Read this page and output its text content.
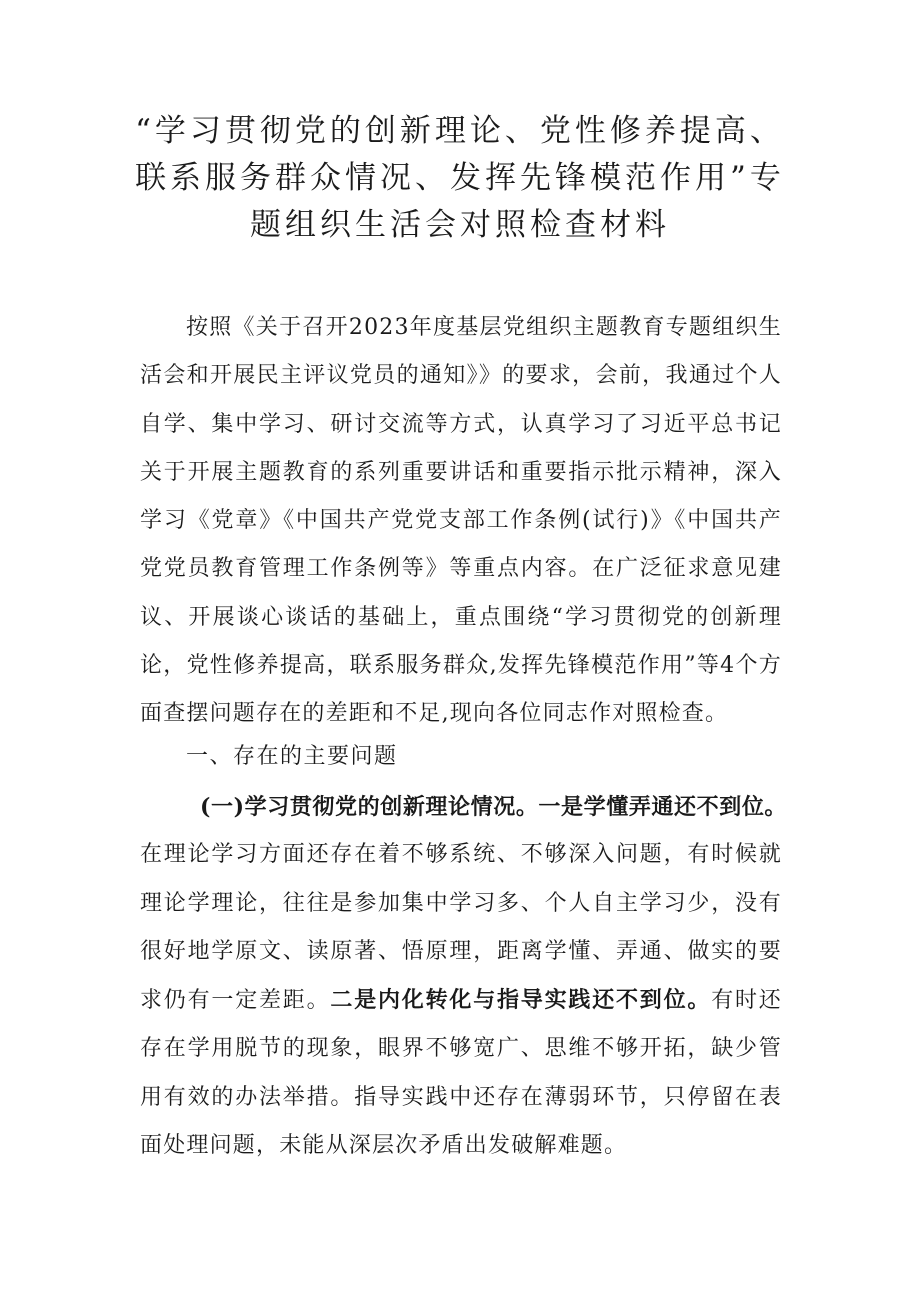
“学习贯彻党的创新理论、党性修养提高、
联系服务群众情况、发挥先锋模范作用”专
题组织生活会对照检查材料

按照《关于召开2023年度基层党组织主题教育专题组织生活会和开展民主评议党员的通知》》的要求，会前，我通过个人自学、集中学习、研讨交流等方式，认真学习了习近平总书记关于开展主题教育的系列重要讲话和重要指示批示精神，深入学习《党章》《中国共产党党支部工作条例(试行)》《中国共产党党员教育管理工作条例等》等重点内容。在广泛征求意见建议、开展谈心谈话的基础上，重点围绕“学习贯彻党的创新理论，党性修养提高，联系服务群众,发挥先锋模范作用”等4个方面查摆问题存在的差距和不足,现向各位同志作对照检查。

一、存在的主要问题
(一)学习贯彻党的创新理论情况。一是学懂弄通还不到位。
在理论学习方面还存在着不够系统、不够深入问题，有时候就理论学理论，往往是参加集中学习多、个人自主学习少，没有很好地学原文、读原著、悟原理，距离学懂、弄通、做实的要求仍有一定差距。二是内化转化与指导实践还不到位。有时还存在学用脱节的现象，眼界不够宽广、思维不够开拓，缺少管用有效的办法举措。指导实践中还存在薄弱环节，只停留在表面处理问题，未能从深层次矛盾出发破解难题。
